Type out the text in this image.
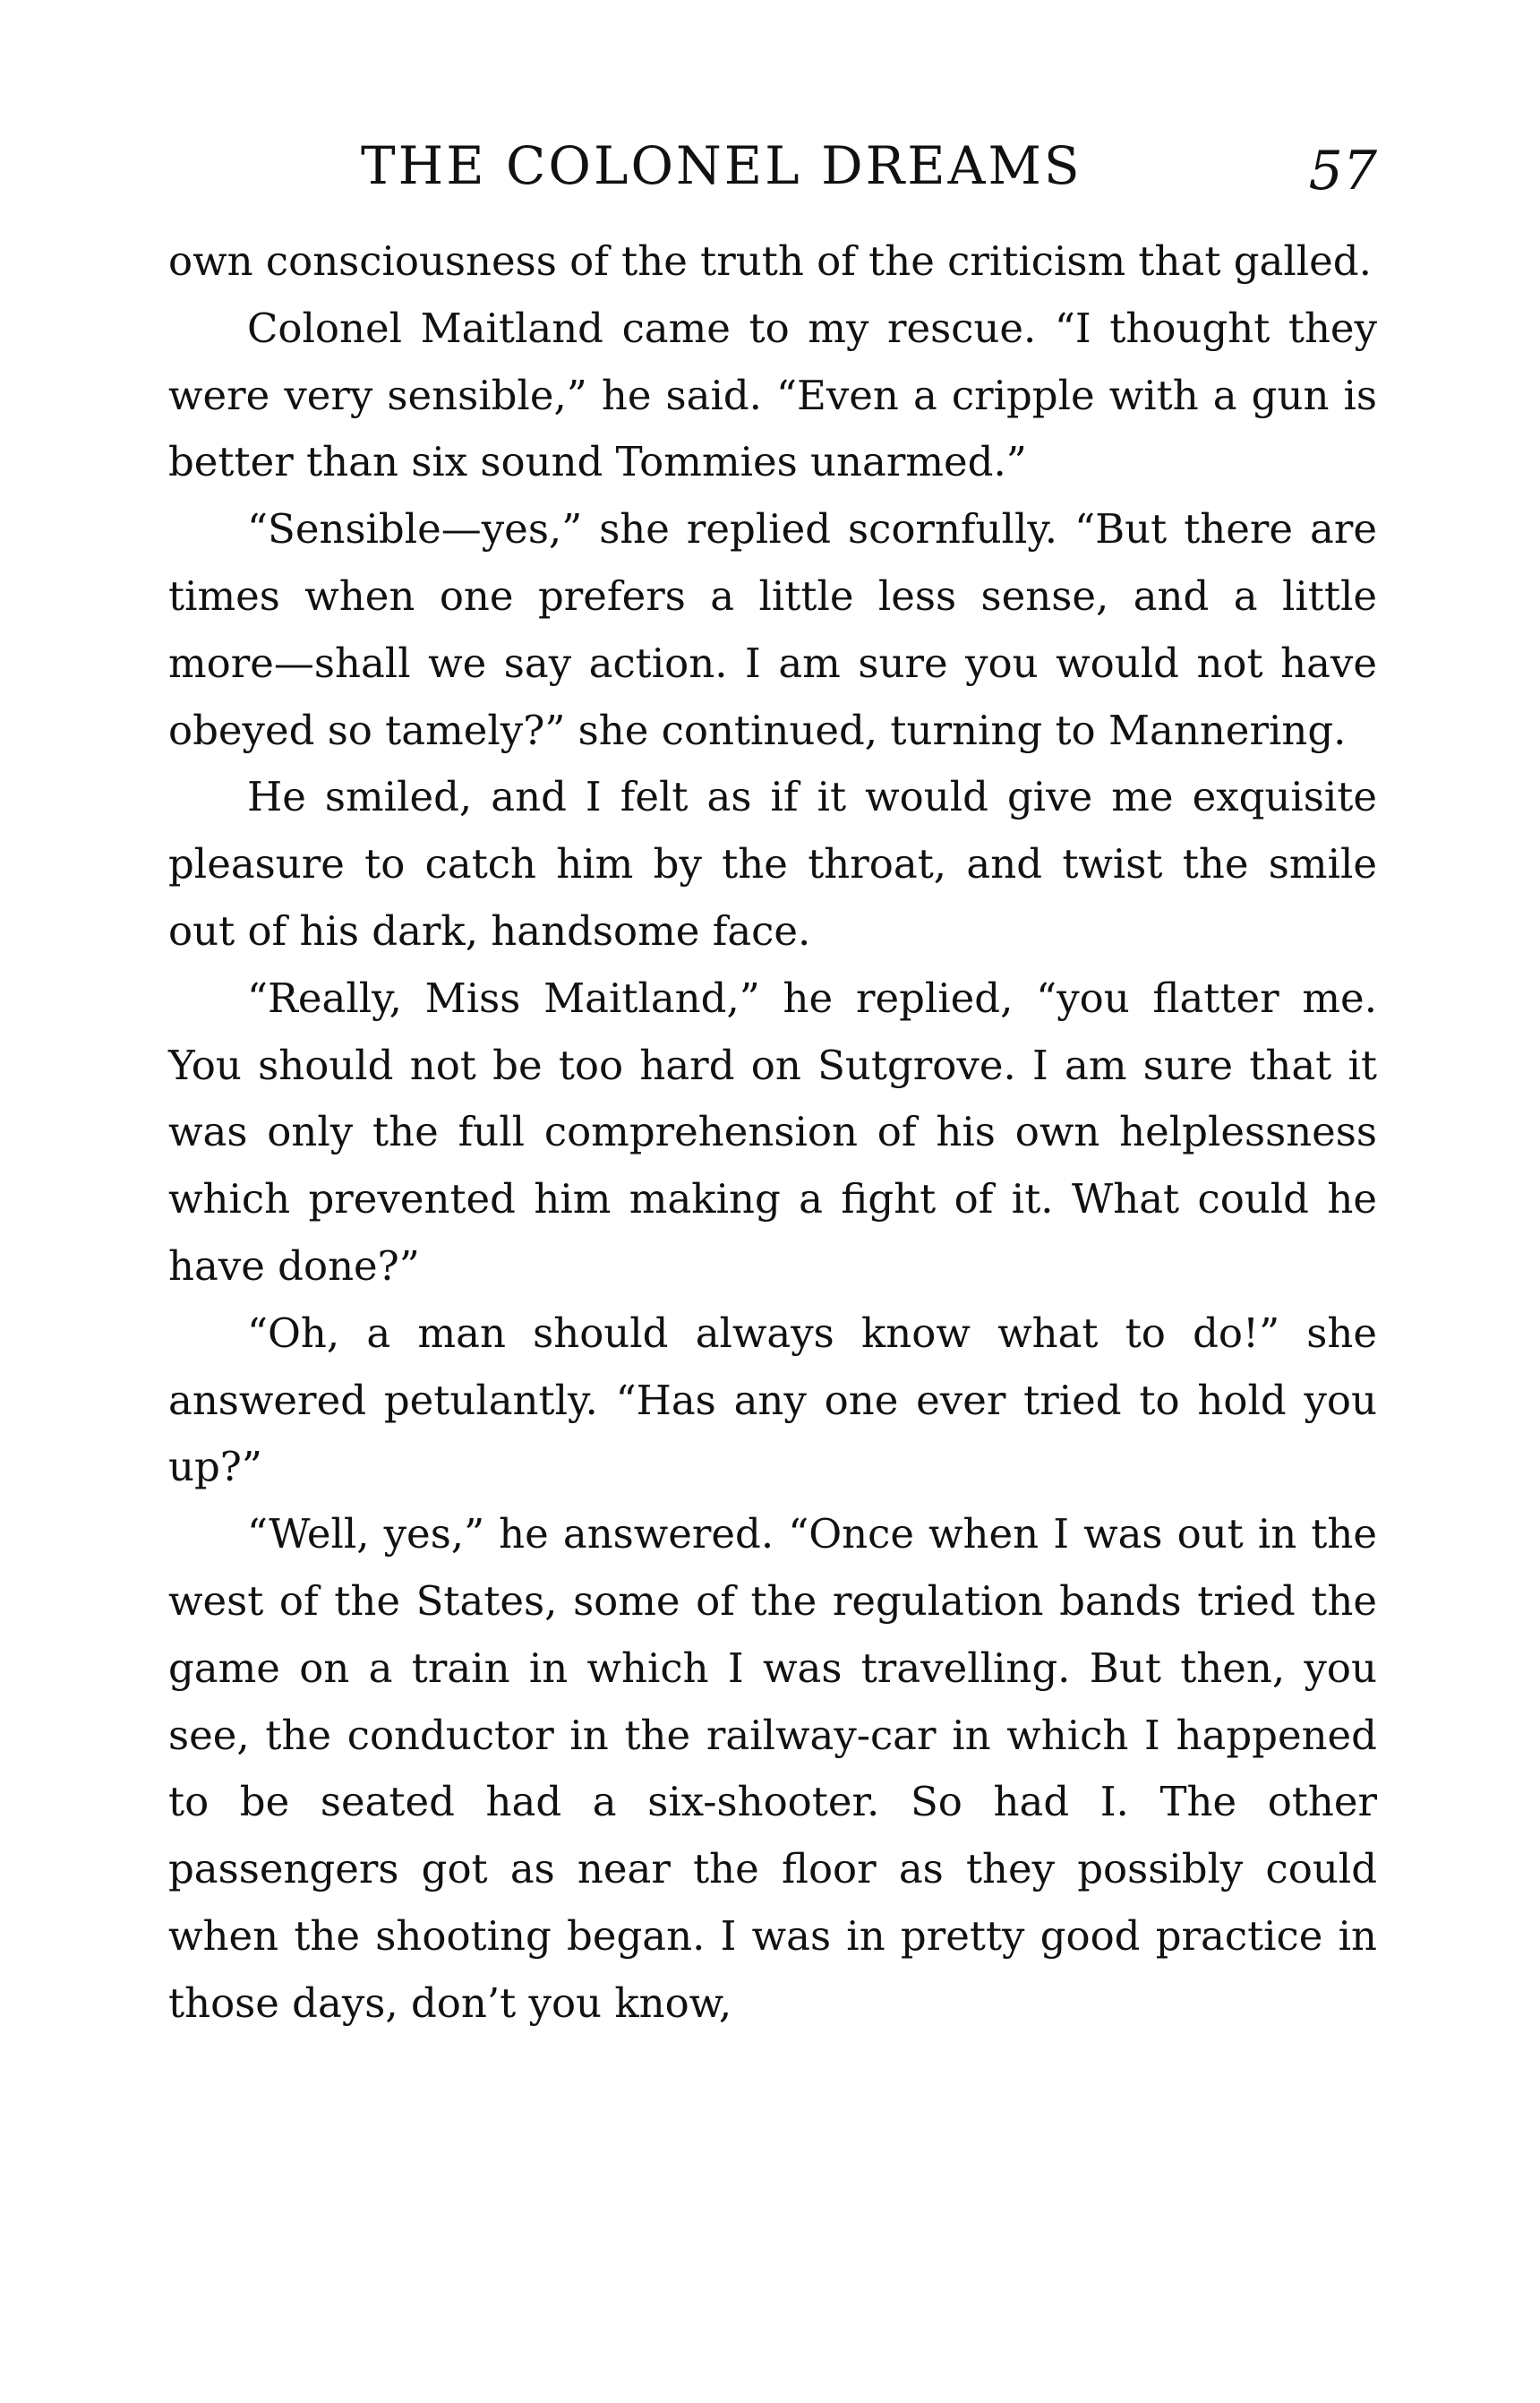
THE COLONEL DREAMS	57

own consciousness of the truth of the criticism that galled.

Colonel Maitland came to my rescue. “I thought they were very sensible,” he said. “Even a cripple with a gun is better than six sound Tommies unarmed.”

“Sensible—yes,” she replied scornfully. “But there are times when one prefers a little less sense, and a little more—shall we say action. I am sure you would not have obeyed so tamely?” she continued, turning to Mannering.

He smiled, and I felt as if it would give me exquisite pleasure to catch him by the throat, and twist the smile out of his dark, handsome face.

“Really, Miss Maitland,” he replied, “you flatter me. You should not be too hard on Sutgrove. I am sure that it was only the full comprehension of his own helplessness which prevented him making a fight of it. What could he have done?”

“Oh, a man should always know what to do!” she answered petulantly. “Has any one ever tried to hold you up?”

“Well, yes,” he answered. “Once when I was out in the west of the States, some of the regulation bands tried the game on a train in which I was travelling. But then, you see, the conductor in the railway-car in which I happened to be seated had a six-shooter. So had I. The other passengers got as near the floor as they possibly could when the shooting began. I was in pretty good practice in those days, don’t you know,
